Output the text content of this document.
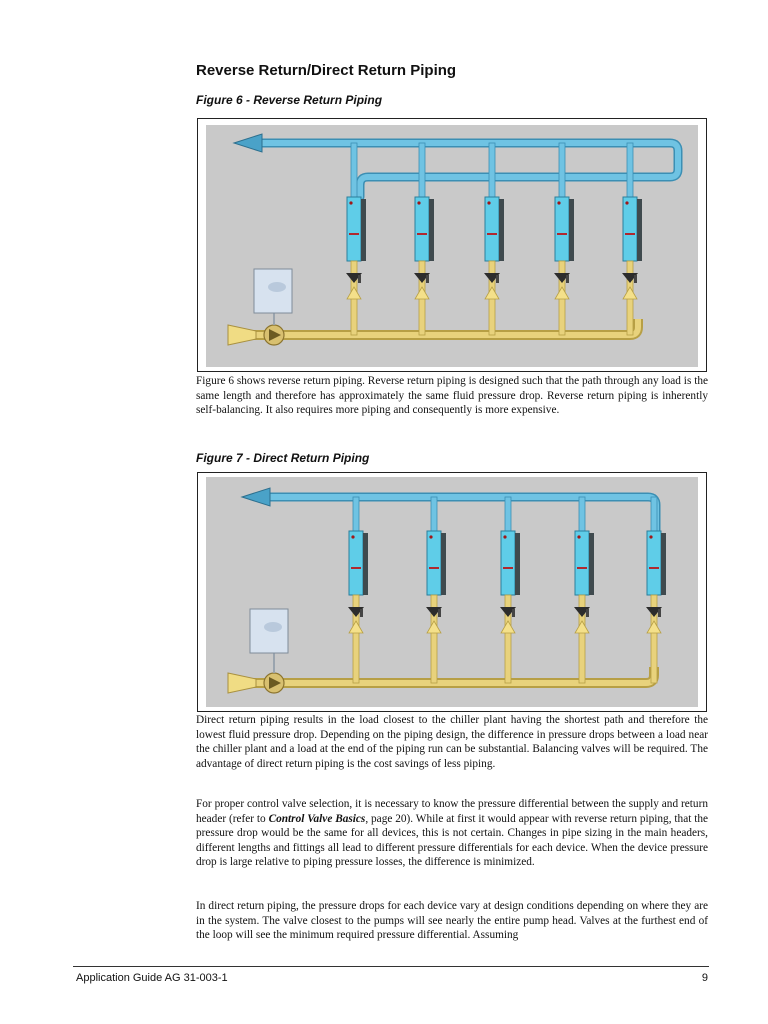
Reverse Return/Direct Return Piping

Figure 6 - Reverse Return Piping

Figure 6 shows reverse return piping. Reverse return piping is designed such that the path through any load is the same length and therefore has approximately the same fluid pressure drop. Reverse return piping is inherently self-balancing. It also requires more piping and consequently is more expensive.

Figure 7 - Direct Return Piping

Direct return piping results in the load closest to the chiller plant having the shortest path and therefore the lowest fluid pressure drop. Depending on the piping design, the difference in pressure drops between a load near the chiller plant and a load at the end of the piping run can be substantial. Balancing valves will be required. The advantage of direct return piping is the cost savings of less piping.

For proper control valve selection, it is necessary to know the pressure differential between the supply and return header (refer to Control Valve Basics, page 20). While at first it would appear with reverse return piping, that the pressure drop would be the same for all devices, this is not certain. Changes in pipe sizing in the main headers, different lengths and fittings all lead to different pressure differentials for each device. When the device pressure drop is large relative to piping pressure losses, the difference is minimized.

In direct return piping, the pressure drops for each device vary at design conditions depending on where they are in the system. The valve closest to the pumps will see nearly the entire pump head. Valves at the furthest end of the loop will see the minimum required pressure differential. Assuming

Application Guide AG 31-003-1	9
